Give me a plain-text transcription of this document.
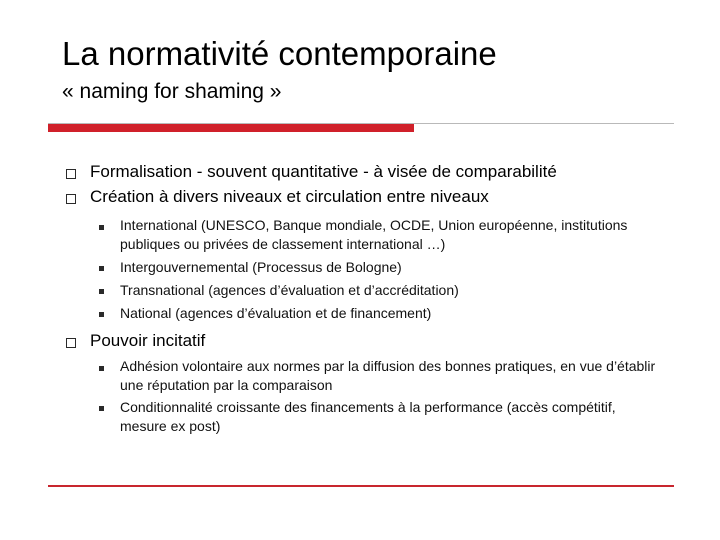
La normativité contemporaine
« naming for shaming »
Formalisation - souvent quantitative - à visée de comparabilité
Création à divers niveaux et circulation entre niveaux
International (UNESCO, Banque mondiale, OCDE, Union européenne, institutions publiques ou privées de classement international …)
Intergouvernemental (Processus de Bologne)
Transnational (agences d’évaluation et d’accréditation)
National (agences d’évaluation et de financement)
Pouvoir incitatif
Adhésion volontaire aux normes par la diffusion des bonnes pratiques, en vue d’établir une réputation par la comparaison
Conditionnalité croissante des financements à la performance (accès compétitif, mesure ex post)
